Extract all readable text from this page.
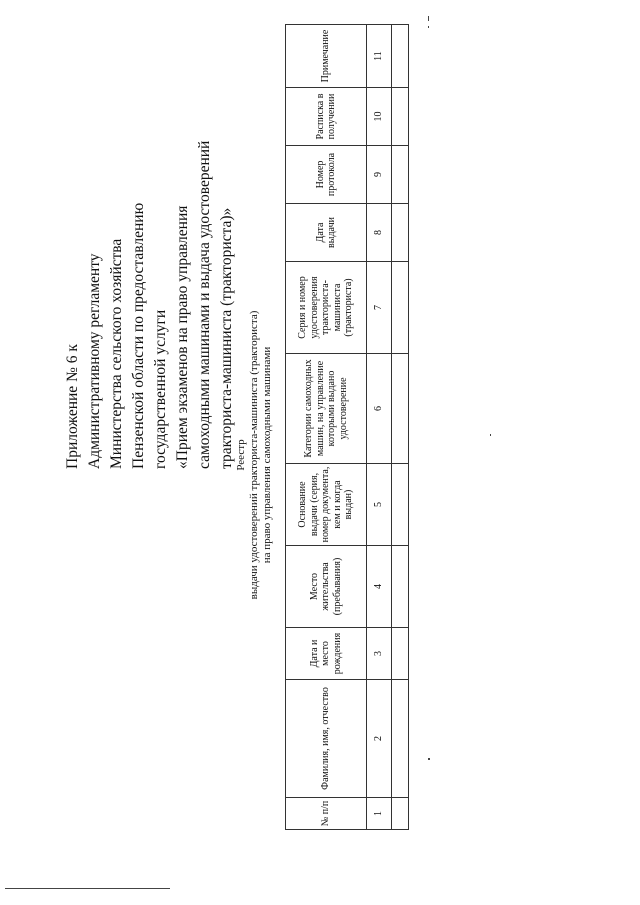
Приложение № 6 к Административному регламенту Министерства сельского хозяйства Пензенской области по предоставлению государственной услуги «Прием экзаменов на право управления самоходными машинами и выдача удостоверений тракториста-машиниста (тракториста)» Реестр выдачи удостоверений тракториста-машиниста (тракториста) на право управления самоходными машинами
№ п/п	Фамилия, имя, отчество	Дата и место рождения	Место жительства (пребывания)	Основание выдачи (серия, номер документа, кем и когда выдан)	Категории самоходных машин, на управление которыми выдано удостоверение	Серия и номер удостоверения тракториста-машиниста (тракториста)	Дата выдачи	Номер протокола	Расписка в получении	Примечание
1	2	3	4	5	6	7	8	9	10	11
